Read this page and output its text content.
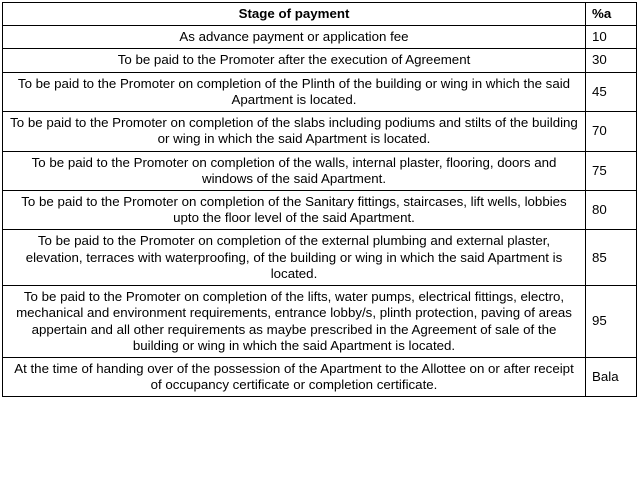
Stage of payment	%a
As advance payment or application fee	10
To be paid to the Promoter after the execution of Agreement	30
To be paid to the Promoter on completion of the Plinth of the building or wing in which the said Apartment is located.	45
To be paid to the Promoter on completion of the slabs including podiums and stilts of the building or wing in which the said Apartment is located.	70
To be paid to the Promoter on completion of the walls, internal plaster, flooring, doors and windows of the said Apartment.	75
To be paid to the Promoter on completion of the Sanitary fittings, staircases, lift wells, lobbies upto the floor level of the said Apartment.	80
To be paid to the Promoter on completion of the external plumbing and external plaster, elevation, terraces with waterproofing, of the building or wing in which the said Apartment is located.	85
To be paid to the Promoter on completion of the lifts, water pumps, electrical fittings, electro, mechanical and environment requirements, entrance lobby/s, plinth protection, paving of areas appertain and all other requirements as maybe prescribed in the Agreement of sale of the building or wing in which the said Apartment is located.	95
At the time of handing over of the possession of the Apartment to the Allottee on or after receipt of occupancy certificate or completion certificate.	Bala
